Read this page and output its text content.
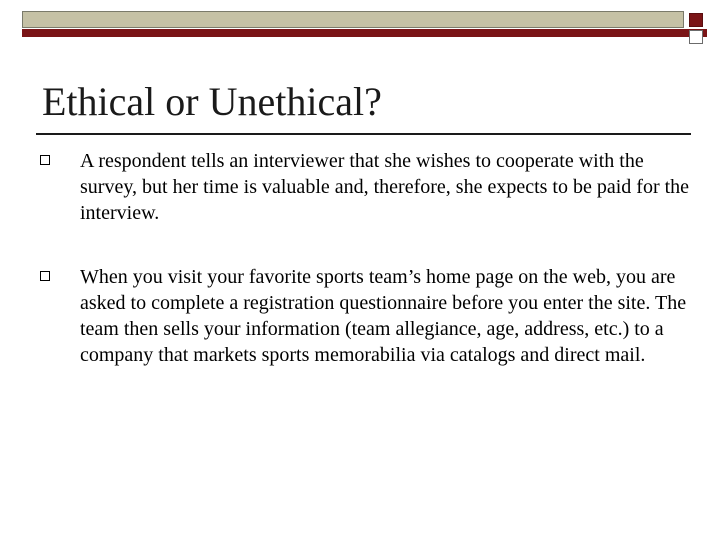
Ethical or Unethical?
A respondent tells an interviewer that she wishes to cooperate with the survey, but her time is valuable and, therefore, she expects to be paid for the interview.
When you visit your favorite sports team’s home page on the web, you are asked to complete a registration questionnaire before you enter the site. The team then sells your information (team allegiance, age, address, etc.) to a company that markets sports memorabilia via catalogs and direct mail.
